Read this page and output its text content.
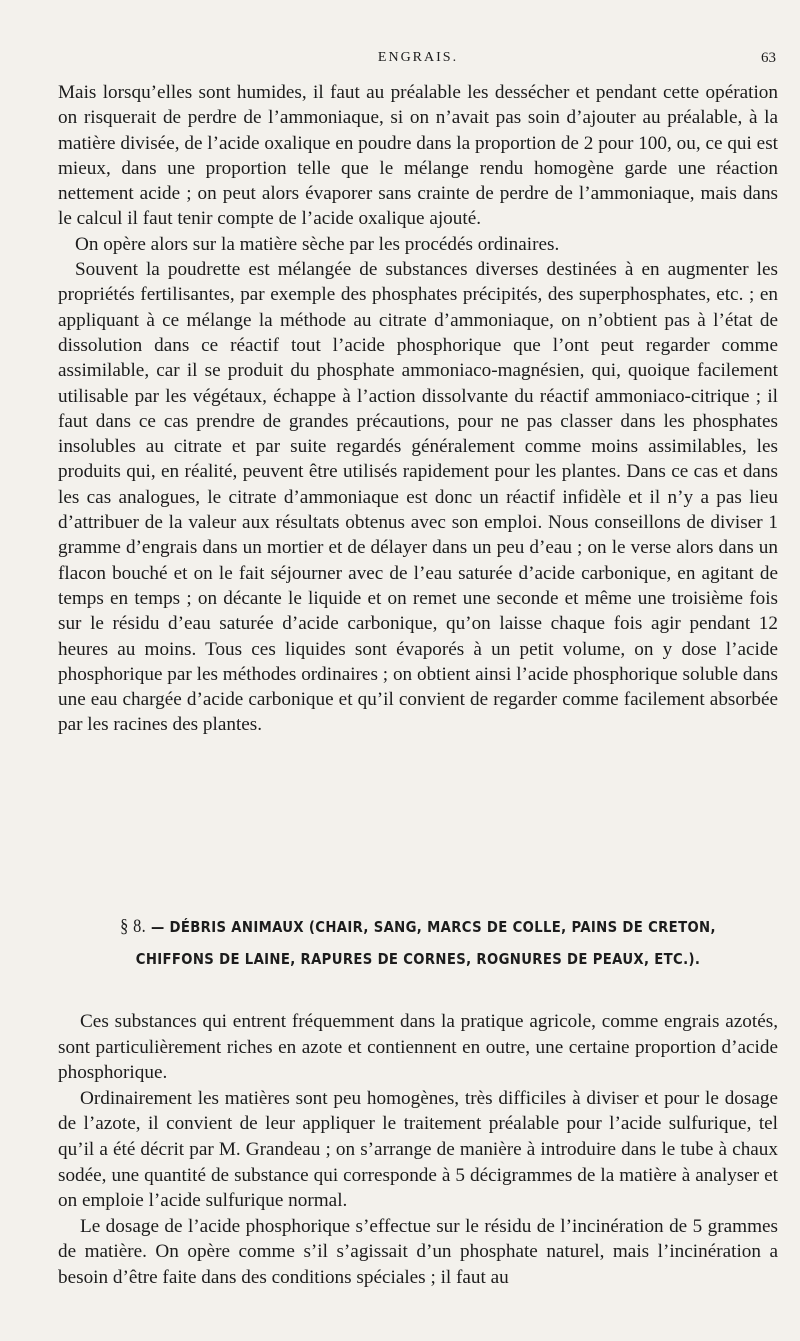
ENGRAIS.	63

Mais lorsqu’elles sont humides, il faut au préalable les dessécher et pendant cette opération on risquerait de perdre de l’ammoniaque, si on n’avait pas soin d’ajouter au préalable, à la matière divisée, de l’acide oxalique en poudre dans la proportion de 2 pour 100, ou, ce qui est mieux, dans une proportion telle que le mélange rendu homogène garde une réaction nettement acide ; on peut alors évaporer sans crainte de perdre de l’ammoniaque, mais dans le calcul il faut tenir compte de l’acide oxalique ajouté.

On opère alors sur la matière sèche par les procédés ordinaires.

Souvent la poudrette est mélangée de substances diverses destinées à en augmenter les propriétés fertilisantes, par exemple des phosphates précipités, des superphosphates, etc. ; en appliquant à ce mélange la méthode au citrate d’ammoniaque, on n’obtient pas à l’état de dissolution dans ce réactif tout l’acide phosphorique que l’ont peut regarder comme assimilable, car il se produit du phosphate ammoniaco-magnésien, qui, quoique facilement utilisable par les végétaux, échappe à l’action dissolvante du réactif ammoniaco-citrique ; il faut dans ce cas prendre de grandes précautions, pour ne pas classer dans les phosphates insolubles au citrate et par suite regardés généralement comme moins assimilables, les produits qui, en réalité, peuvent être utilisés rapidement pour les plantes. Dans ce cas et dans les cas analogues, le citrate d’ammoniaque est donc un réactif infidèle et il n’y a pas lieu d’attribuer de la valeur aux résultats obtenus avec son emploi. Nous conseillons de diviser 1 gramme d’engrais dans un mortier et de délayer dans un peu d’eau ; on le verse alors dans un flacon bouché et on le fait séjourner avec de l’eau saturée d’acide carbonique, en agitant de temps en temps ; on décante le liquide et on remet une seconde et même une troisième fois sur le résidu d’eau saturée d’acide carbonique, qu’on laisse chaque fois agir pendant 12 heures au moins. Tous ces liquides sont évaporés à un petit volume, on y dose l’acide phosphorique par les méthodes ordinaires ; on obtient ainsi l’acide phosphorique soluble dans une eau chargée d’acide carbonique et qu’il convient de regarder comme facilement absorbée par les racines des plantes.

§ 8. — DÉBRIS ANIMAUX (CHAIR, SANG, MARCS DE COLLE, PAINS DE CRETON,
CHIFFONS DE LAINE, RAPURES DE CORNES, ROGNURES DE PEAUX, ETC.).

Ces substances qui entrent fréquemment dans la pratique agricole, comme engrais azotés, sont particulièrement riches en azote et contiennent en outre, une certaine proportion d’acide phosphorique.

Ordinairement les matières sont peu homogènes, très difficiles à diviser et pour le dosage de l’azote, il convient de leur appliquer le traitement préalable pour l’acide sulfurique, tel qu’il a été décrit par M. Grandeau ; on s’arrange de manière à introduire dans le tube à chaux sodée, une quantité de substance qui corresponde à 5 décigrammes de la matière à analyser et on emploie l’acide sulfurique normal.

Le dosage de l’acide phosphorique s’effectue sur le résidu de l’incinération de 5 grammes de matière. On opère comme s’il s’agissait d’un phosphate naturel, mais l’incinération a besoin d’être faite dans des conditions spéciales ; il faut au
